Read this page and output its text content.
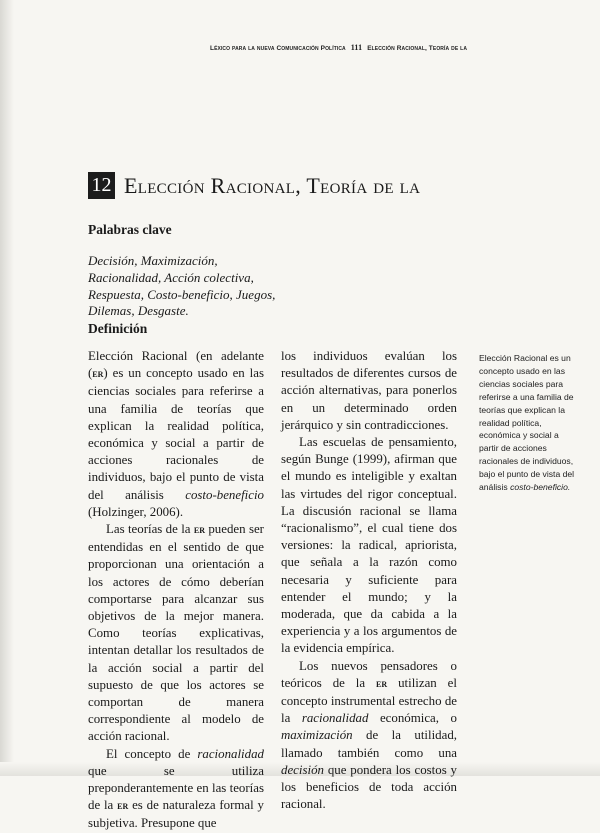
Léxico para la nueva Comunicación Política 111 Elección Racional, Teoría de la
12 Elección Racional, Teoría de la
Palabras clave
Decisión, Maximización,
Racionalidad, Acción colectiva,
Respuesta, Costo-beneficio, Juegos,
Dilemas, Desgaste.
Definición

Elección Racional (en adelante (er) es un concepto usado en las ciencias sociales para referirse a una familia de teorías que explican la realidad política, económica y social a partir de acciones racionales de individuos, bajo el punto de vista del análisis costo-beneficio (Holzinger, 2006).

Las teorías de la er pueden ser entendidas en el sentido de que proporcionan una orientación a los actores de cómo deberían comportarse para alcanzar sus objetivos de la mejor manera. Como teorías explicativas, intentan detallar los resultados de la acción social a partir del supuesto de que los actores se comportan de manera correspondiente al modelo de acción racional.

El concepto de racionalidad que se utiliza preponderantemente en las teorías de la er es de naturaleza formal y subjetiva. Presupone que

los individuos evalúan los resultados de diferentes cursos de acción alternativas, para ponerlos en un determinado orden jerárquico y sin contradicciones.

Las escuelas de pensamiento, según Bunge (1999), afirman que el mundo es inteligible y exaltan las virtudes del rigor conceptual. La discusión racional se llama “racionalismo”, el cual tiene dos versiones: la radical, apriorista, que señala a la razón como necesaria y suficiente para entender el mundo; y la moderada, que da cabida a la experiencia y a los argumentos de la evidencia empírica.

Los nuevos pensadores o teóricos de la er utilizan el concepto instrumental estrecho de la racionalidad económica, o maximización de la utilidad, llamado también como una decisión que pondera los costos y los beneficios de toda acción racional.

Elección Racional es un concepto usado en las ciencias sociales para referirse a una familia de teorías que explican la realidad política, económica y social a partir de acciones racionales de individuos, bajo el punto de vista del análisis costo-beneficio.
